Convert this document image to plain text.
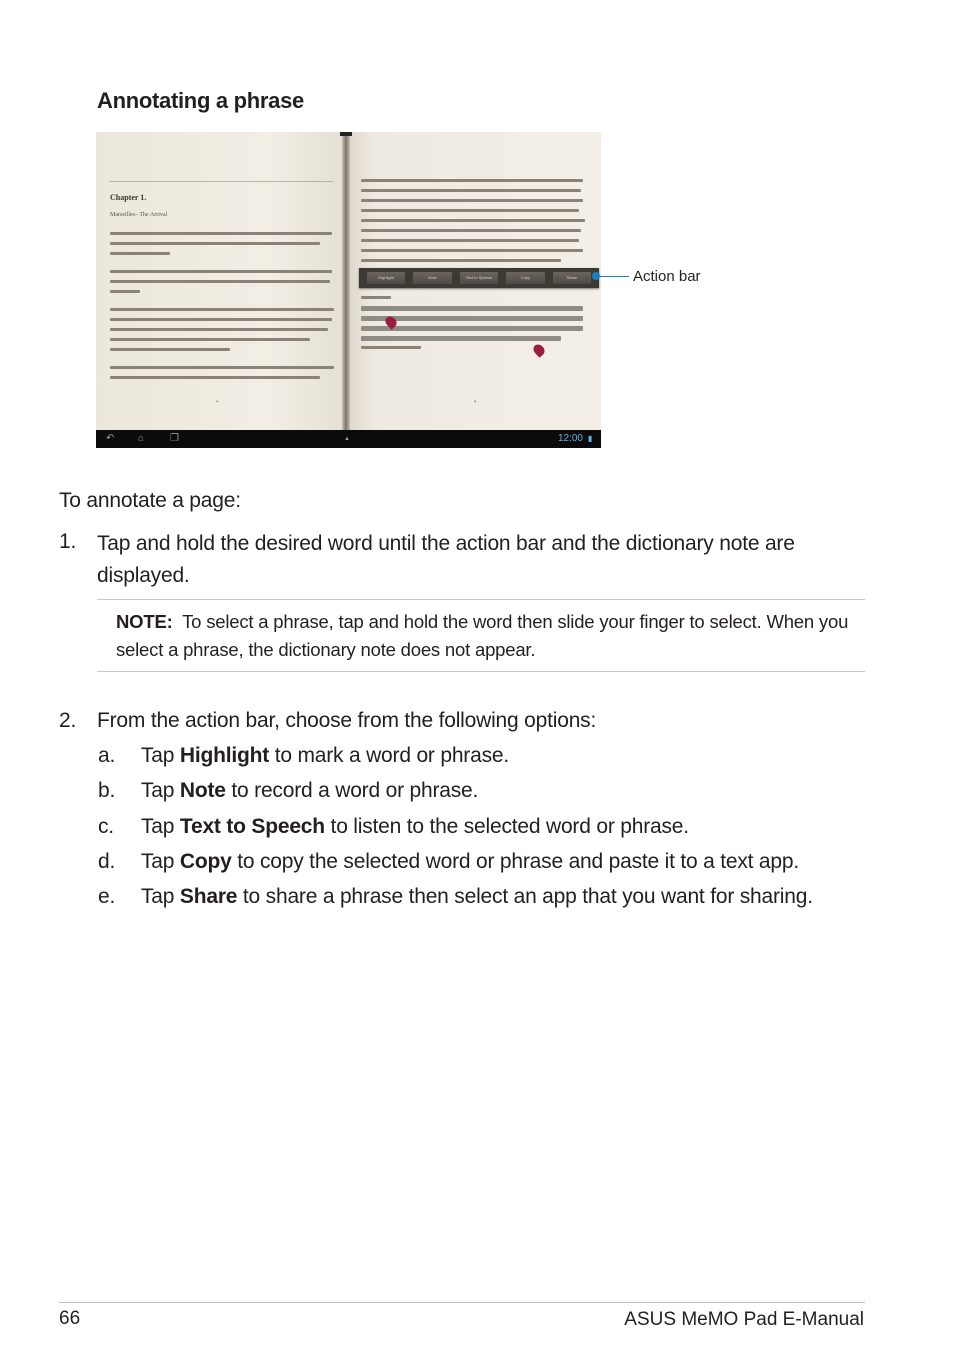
Annotating a phrase
Chapter 1.
Marseilles– The Arrival
•	•
Highlight	Note	Text to Speech	Copy	Share
↶ ⌂	❐	▲	12:00 ▮
Action bar
To annotate a page:
1. Tap and hold the desired word until the action bar and the dictionary note are displayed.
NOTE: To select a phrase, tap and hold the word then slide your finger to select. When you select a phrase, the dictionary note does not appear.
2. From the action bar, choose from the following options:
a. Tap Highlight to mark a word or phrase.
b. Tap Note to record a word or phrase.
c. Tap Text to Speech to listen to the selected word or phrase.
d. Tap Copy to copy the selected word or phrase and paste it to a text app.
e. Tap Share to share a phrase then select an app that you want for sharing.
66	ASUS MeMO Pad E-Manual
